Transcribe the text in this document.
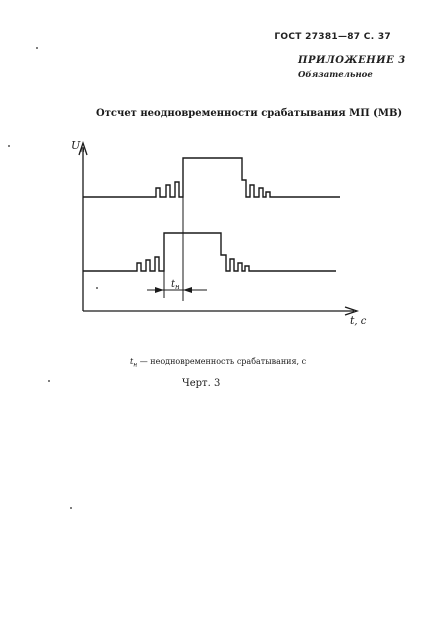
ГОСТ 27381—87 С. 37
ПРИЛОЖЕНИЕ 3
Обязательное
Отсчет неодновременности срабатывания МП (МВ)
$U_п$
t, с
$t_н$
$t_н$ — неодновременность срабатывания, с
Черт. 3
